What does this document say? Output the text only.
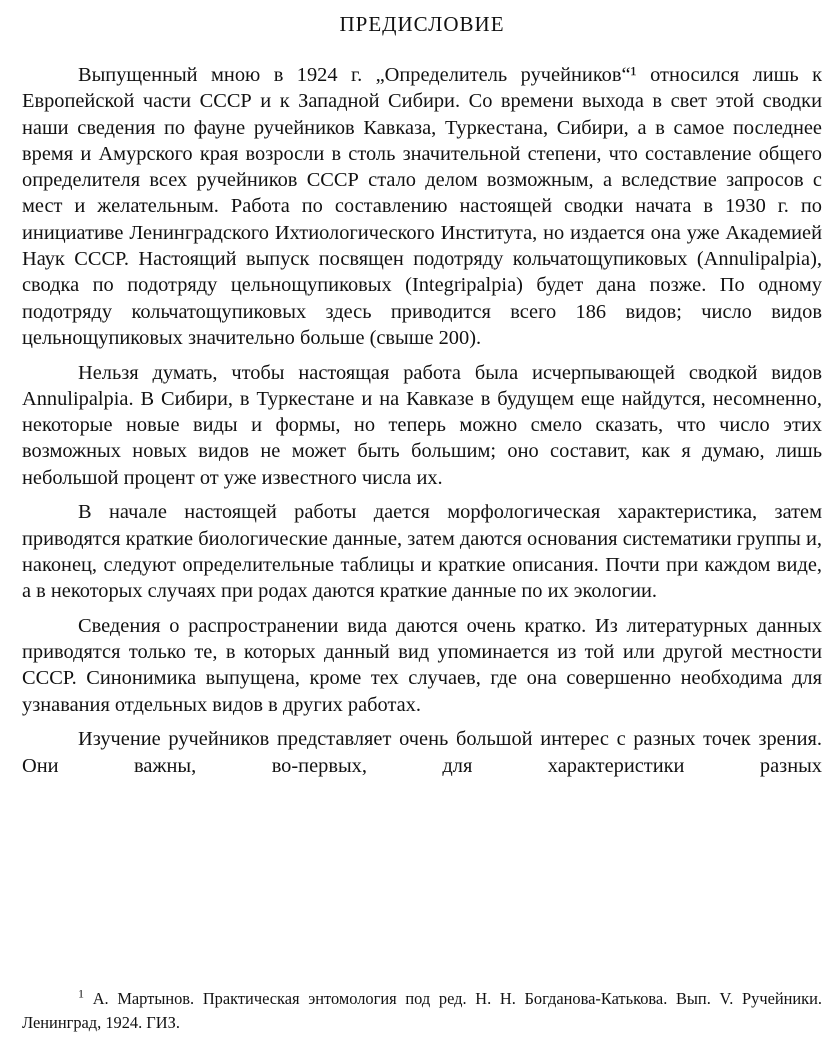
ПРЕДИСЛОВИЕ

Выпущенный мною в 1924 г. „Определитель ручейников“¹ относился лишь к Европейской части СССР и к Западной Сибири. Со времени выхода в свет этой сводки наши сведения по фауне ручейников Кавказа, Туркестана, Сибири, а в самое последнее время и Амурского края возросли в столь значительной степени, что составление общего определителя всех ручейников СССР стало делом возможным, а вследствие запросов с мест и желательным. Работа по составлению настоящей сводки начата в 1930 г. по инициативе Ленинградского Ихтиологического Института, но издается она уже Академией Наук СССР. Настоящий выпуск посвящен подотряду кольчатощупиковых (Annulipalpia), сводка по подотряду цельнощупиковых (Integripalpia) будет дана позже. По одному подотряду кольчатощупиковых здесь приводится всего 186 видов; число видов цельнощупиковых значительно больше (свыше 200).

Нельзя думать, чтобы настоящая работа была исчерпывающей сводкой видов Annulipalpia. В Сибири, в Туркестане и на Кавказе в будущем еще найдутся, несомненно, некоторые новые виды и формы, но теперь можно смело сказать, что число этих возможных новых видов не может быть большим; оно составит, как я думаю, лишь небольшой процент от уже известного числа их.

В начале настоящей работы дается морфологическая характеристика, затем приводятся краткие биологические данные, затем даются основания систематики группы и, наконец, следуют определительные таблицы и краткие описания. Почти при каждом виде, а в некоторых случаях при родах даются краткие данные по их экологии.

Сведения о распространении вида даются очень кратко. Из литературных данных приводятся только те, в которых данный вид упоминается из той или другой местности СССР. Синонимика выпущена, кроме тех случаев, где она совершенно необходима для узнавания отдельных видов в других работах.

Изучение ручейников представляет очень большой интерес с разных точек зрения. Они важны, во-первых, для характеристики разных

$^1$ А. Мартынов. Практическая энтомология под ред. Н. Н. Богданова-Катькова. Вып. V. Ручейники. Ленинград, 1924. ГИЗ.
